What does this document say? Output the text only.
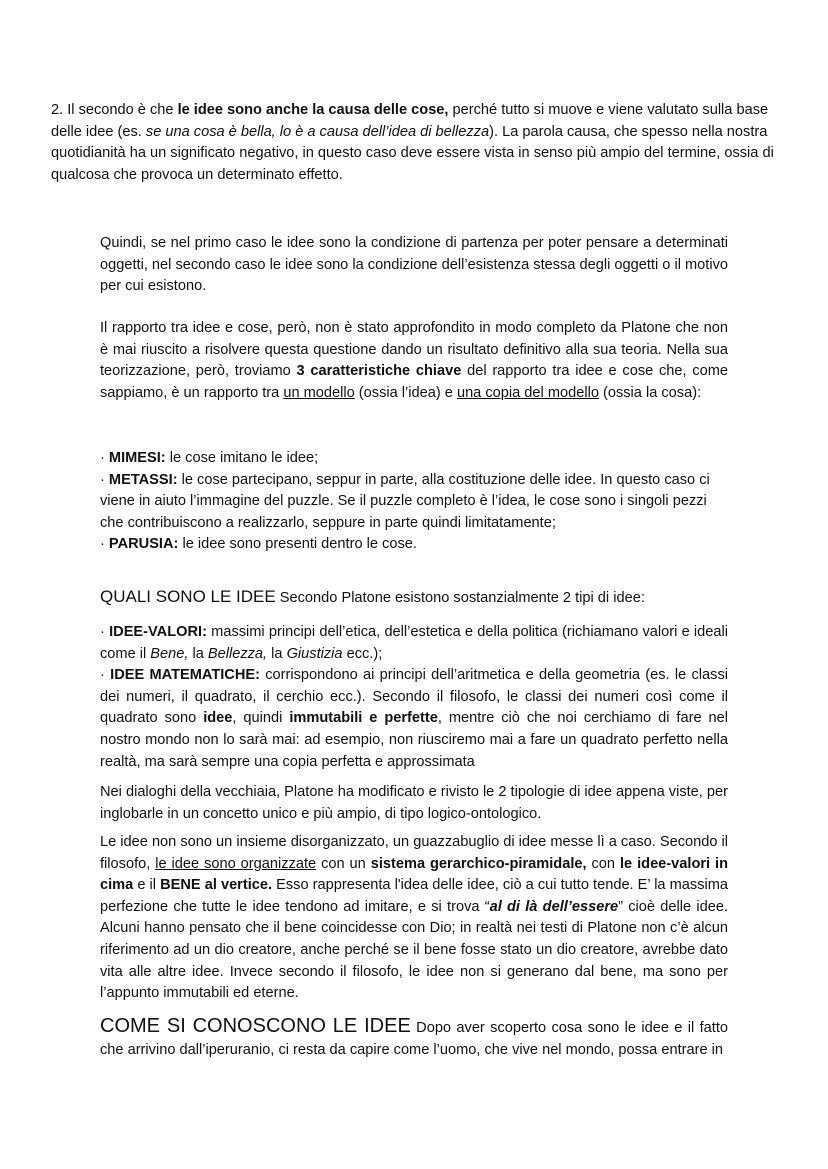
2. Il secondo è che le idee sono anche la causa delle cose, perché tutto si muove e viene valutato sulla base delle idee (es. se una cosa è bella, lo è a causa dell’idea di bellezza). La parola causa, che spesso nella nostra quotidianità ha un significato negativo, in questo caso deve essere vista in senso più ampio del termine, ossia di qualcosa che provoca un determinato effetto.

Quindi, se nel primo caso le idee sono la condizione di partenza per poter pensare a determinati oggetti, nel secondo caso le idee sono la condizione dell’esistenza stessa degli oggetti o il motivo per cui esistono.

Il rapporto tra idee e cose, però, non è stato approfondito in modo completo da Platone che non è mai riuscito a risolvere questa questione dando un risultato definitivo alla sua teoria. Nella sua teorizzazione, però, troviamo 3 caratteristiche chiave del rapporto tra idee e cose che, come sappiamo, è un rapporto tra un modello (ossia l’idea) e una copia del modello (ossia la cosa):

· MIMESI: le cose imitano le idee;
· METASSI: le cose partecipano, seppur in parte, alla costituzione delle idee. In questo caso ci viene in aiuto l’immagine del puzzle. Se il puzzle completo è l’idea, le cose sono i singoli pezzi che contribuiscono a realizzarlo, seppure in parte quindi limitatamente;
· PARUSIA: le idee sono presenti dentro le cose.

QUALI SONO LE IDEE Secondo Platone esistono sostanzialmente 2 tipi di idee:

· IDEE-VALORI: massimi principi dell’etica, dell’estetica e della politica (richiamano valori e ideali come il Bene, la Bellezza, la Giustizia ecc.);
· IDEE MATEMATICHE: corrispondono ai principi dell’aritmetica e della geometria (es. le classi dei numeri, il quadrato, il cerchio ecc.). Secondo il filosofo, le classi dei numeri così come il quadrato sono idee, quindi immutabili e perfette, mentre ciò che noi cerchiamo di fare nel nostro mondo non lo sarà mai: ad esempio, non riusciremo mai a fare un quadrato perfetto nella realtà, ma sarà sempre una copia perfetta e approssimata

Nei dialoghi della vecchiaia, Platone ha modificato e rivisto le 2 tipologie di idee appena viste, per inglobarle in un concetto unico e più ampio, di tipo logico-ontologico.

Le idee non sono un insieme disorganizzato, un guazzabuglio di idee messe lì a caso. Secondo il filosofo, le idee sono organizzate con un sistema gerarchico-piramidale, con le idee-valori in cima e il BENE al vertice. Esso rappresenta l'idea delle idee, ciò a cui tutto tende. E’ la massima perfezione che tutte le idee tendono ad imitare, e si trova “al di là dell’essere” cioè delle idee. Alcuni hanno pensato che il bene coincidesse con Dio; in realtà nei testi di Platone non c’è alcun riferimento ad un dio creatore, anche perché se il bene fosse stato un dio creatore, avrebbe dato vita alle altre idee. Invece secondo il filosofo, le idee non si generano dal bene, ma sono per l’appunto immutabili ed eterne.

COME SI CONOSCONO LE IDEE Dopo aver scoperto cosa sono le idee e il fatto che arrivino dall’iperuranio, ci resta da capire come l’uomo, che vive nel mondo, possa entrare in
